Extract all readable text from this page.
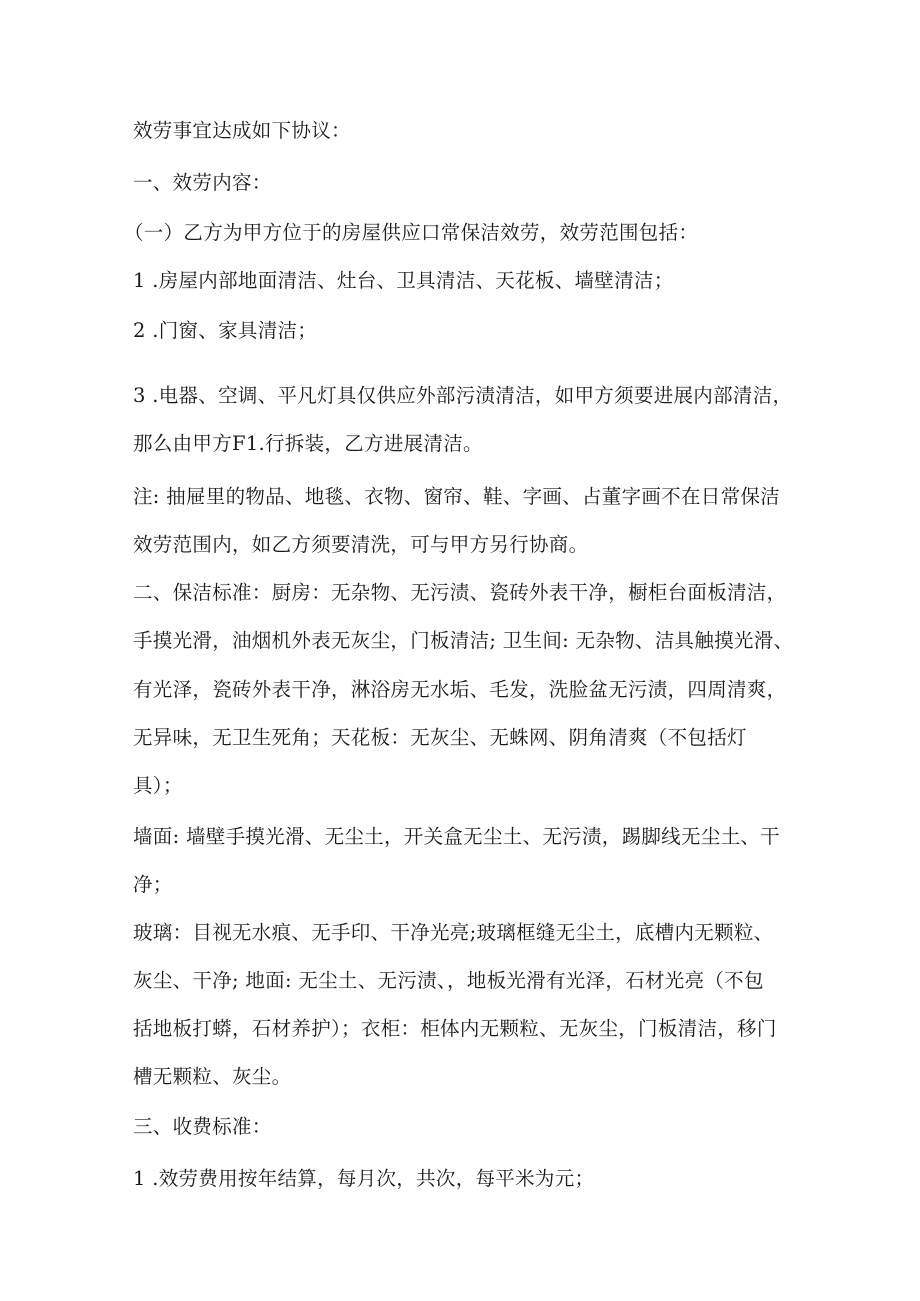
效劳事宜达成如下协议：
一、效劳内容：
（一）乙方为甲方位于的房屋供应口常保洁效劳，效劳范围包括：
1 .房屋内部地面清洁、灶台、卫具清洁、天花板、墙壁清洁；
2 .门窗、家具清洁；
3 .电器、空调、平凡灯具仅供应外部污渍清洁，如甲方须要进展内部清洁，
那么由甲方F1.行拆装，乙方进展清洁。
注: 抽屉里的物品、地毯、衣物、窗帘、鞋、字画、占董字画不在日常保洁
效劳范围内，如乙方须要清洗，可与甲方另行协商。
二、保洁标准：厨房：无杂物、无污渍、瓷砖外表干净，橱柜台面板清洁，
手摸光滑，油烟机外表无灰尘，门板清洁; 卫生间: 无杂物、洁具触摸光滑、
有光泽，瓷砖外表干净，淋浴房无水垢、毛发，洗脸盆无污渍，四周清爽，
无异味，无卫生死角；天花板：无灰尘、无蛛网、阴角清爽（不包括灯
具）；
墙面: 墙壁手摸光滑、无尘土，开关盒无尘土、无污渍，踢脚线无尘土、干
净；
玻璃：目视无水痕、无手印、干净光亮;玻璃框缝无尘土，底槽内无颗粒、
灰尘、干净; 地面: 无尘土、无污渍、，地板光滑有光泽，石材光亮（不包
括地板打蟒，石材养护）；衣柜：柜体内无颗粒、无灰尘，门板清洁，移门
槽无颗粒、灰尘。
三、收费标准：
1 .效劳费用按年结算，每月次，共次，每平米为元；
